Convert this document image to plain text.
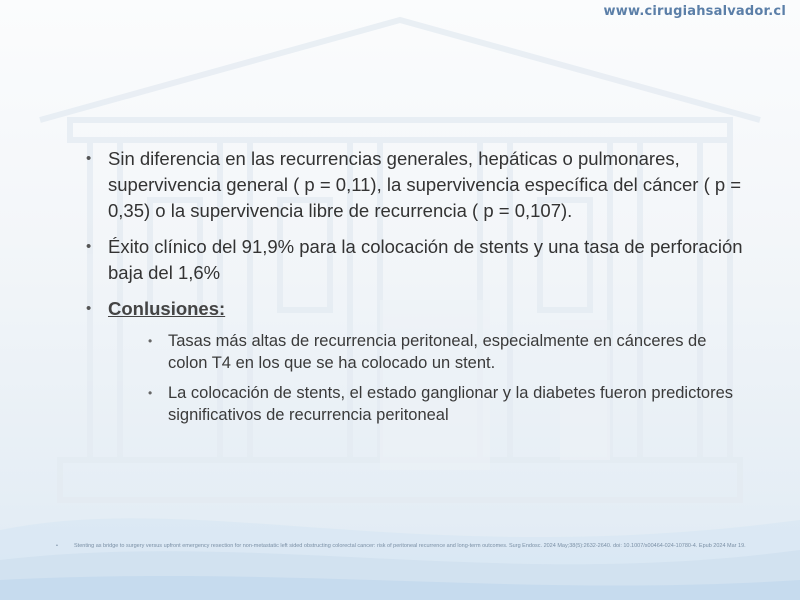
www.cirugiahsalvador.cl
• Sin diferencia en las recurrencias generales, hepáticas o pulmonares, supervivencia general ( p = 0,11), la supervivencia específica del cáncer ( p = 0,35) o la supervivencia libre de recurrencia ( p = 0,107).
• Éxito clínico del 91,9% para la colocación de stents y una tasa de perforación baja del 1,6%
• Conlusiones:
• Tasas más altas de recurrencia peritoneal, especialmente en cánceres de colon T4 en los que se ha colocado un stent.
• La colocación de stents, el estado ganglionar y la diabetes fueron predictores significativos de recurrencia peritoneal
•	Stenting as bridge to surgery versus upfront emergency resection for non-metastatic left sided obstructing colorectal cancer: risk of peritoneal recurrence and long-term outcomes. Surg Endosc. 2024 May;38(5):2632-2640. doi: 10.1007/s00464-024-10780-4. Epub 2024 Mar 19.
